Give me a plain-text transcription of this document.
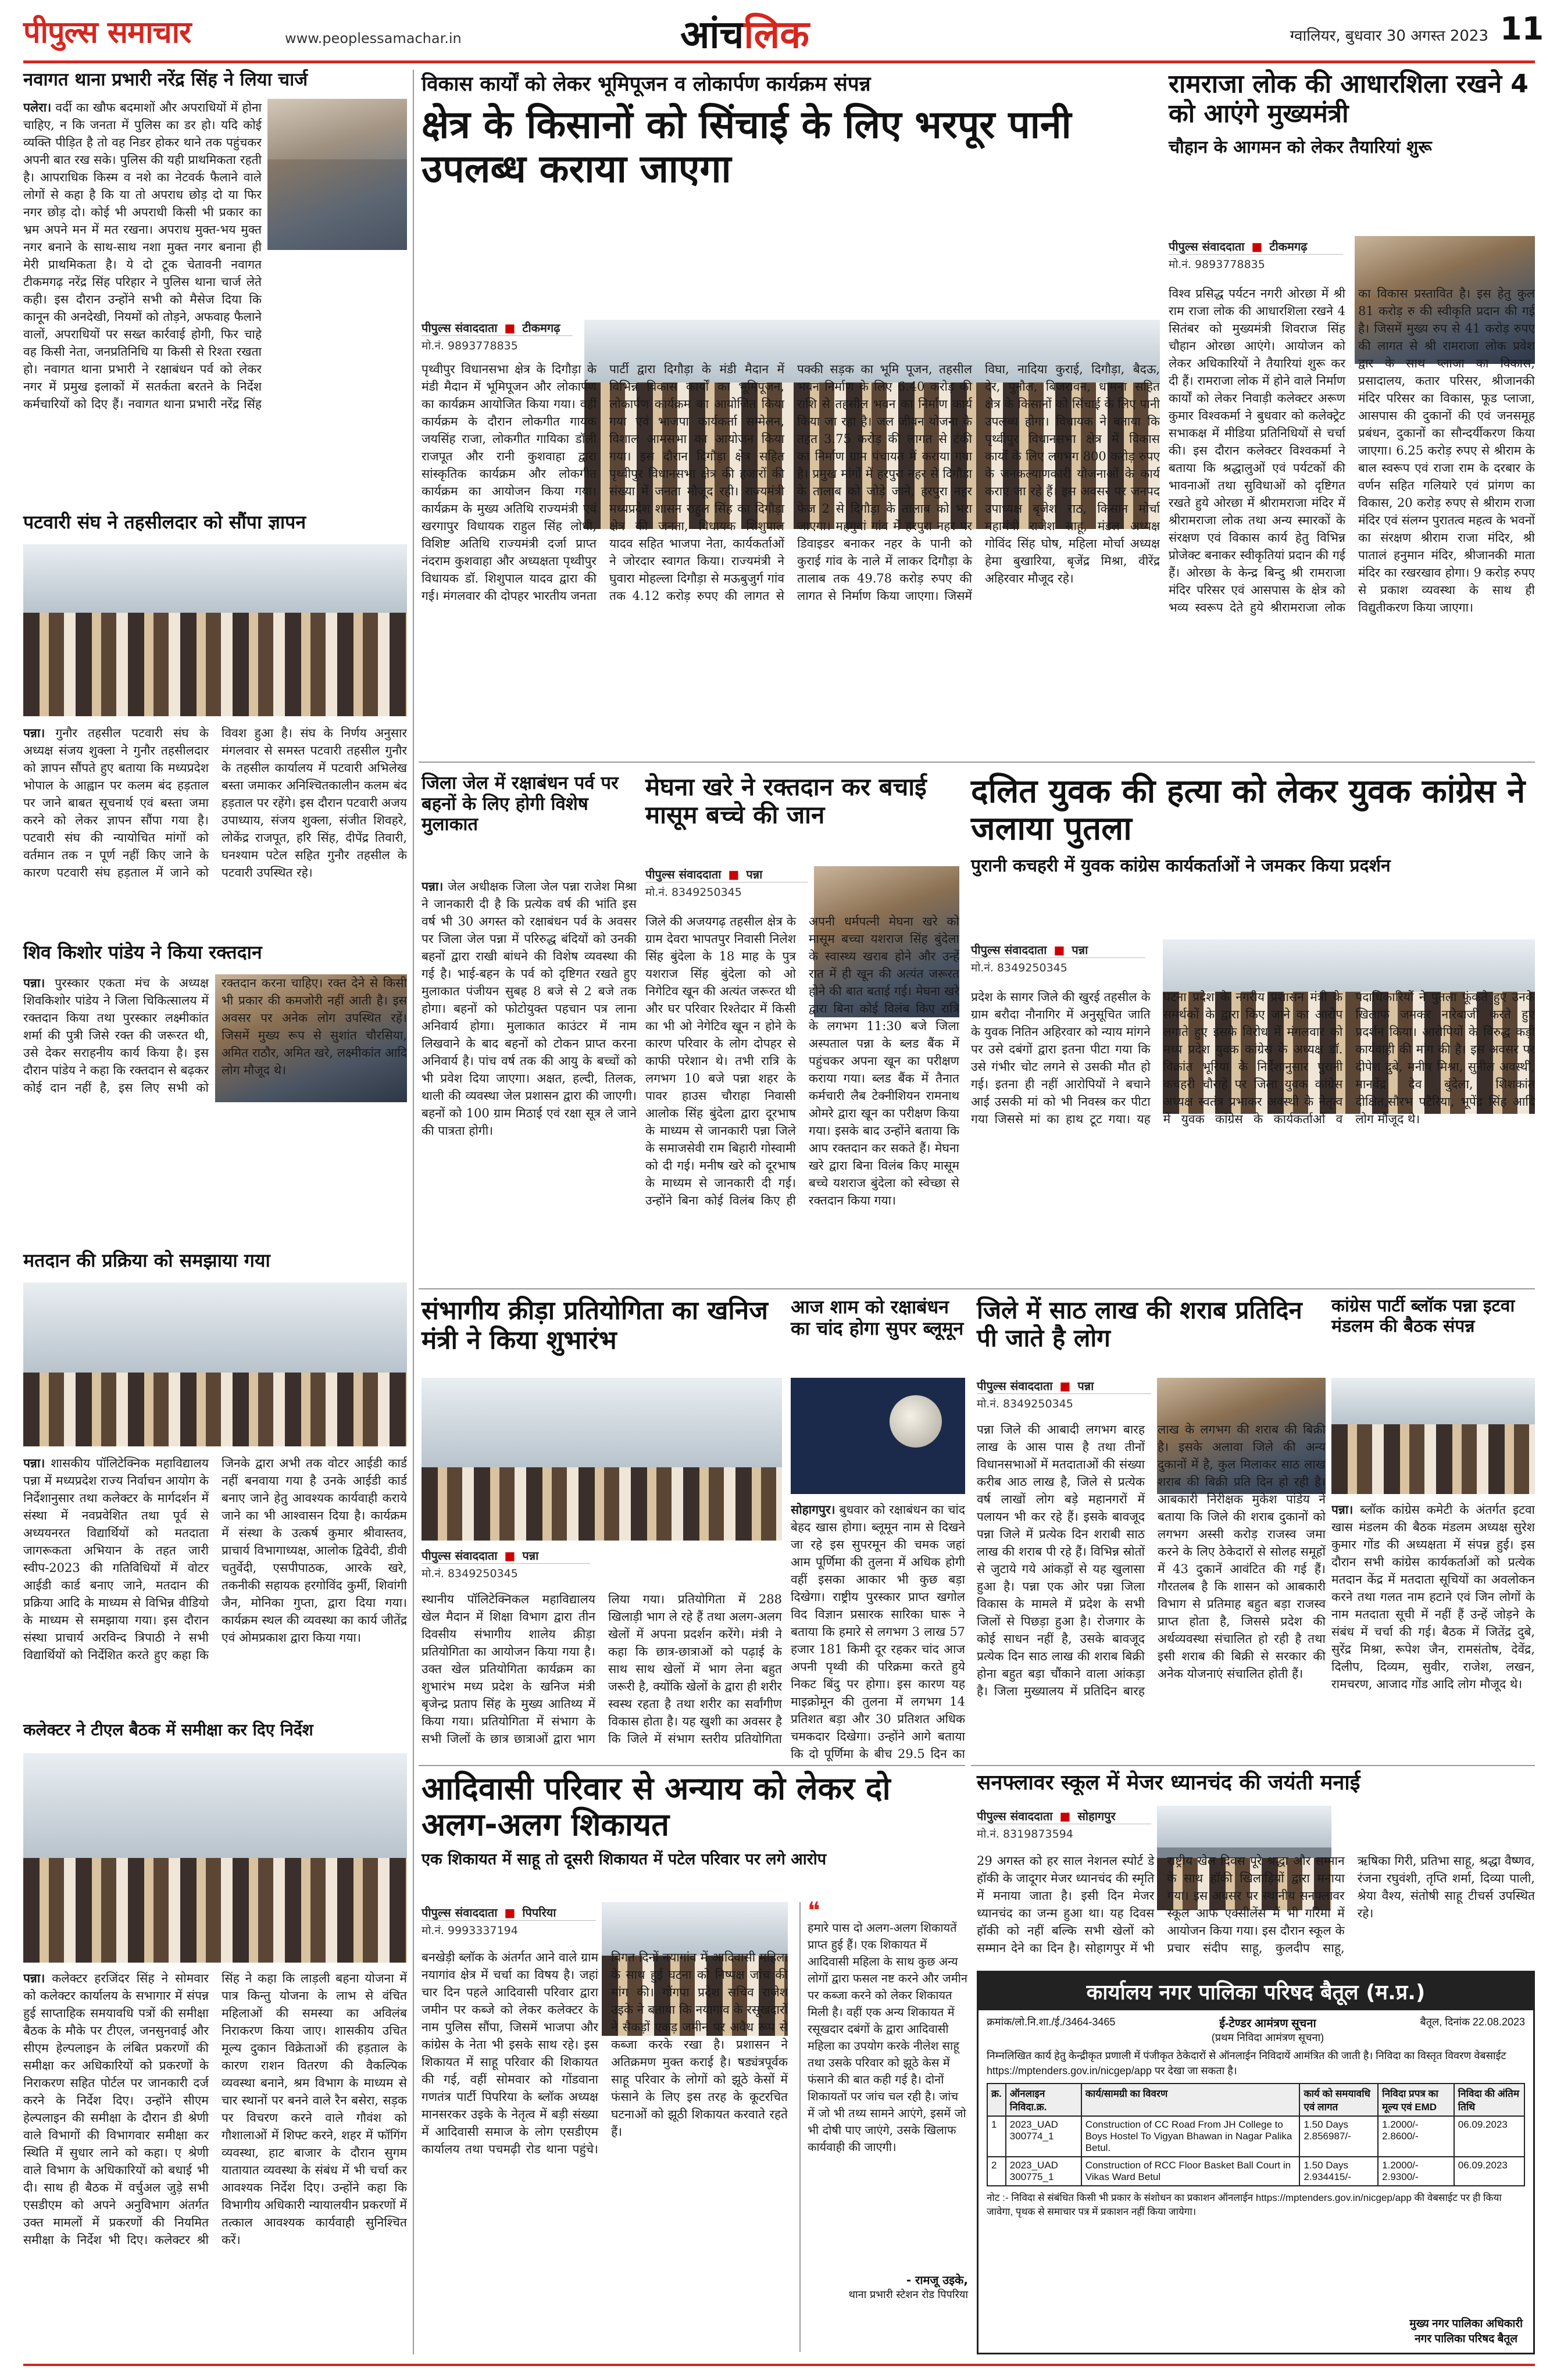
पीपुल्स समाचार	www.peoplessamachar.in	आंचलिक	ग्वालियर, बुधवार 30 अगस्त 2023 11
नवागत थाना प्रभारी नरेंद्र सिंह ने लिया चार्ज

पलेरा। वर्दी का खौफ बदमाशों और अपराधियों में होना चाहिए, न कि जनता में पुलिस का डर हो। यदि कोई व्यक्ति पीड़ित है तो वह निडर होकर थाने तक पहुंचकर अपनी बात रख सके। पुलिस की यही प्राथमिकता रहती है। आपराधिक किस्म व नशे का नेटवर्क फैलाने वाले लोगों से कहा है कि या तो अपराध छोड़ दो या फिर नगर छोड़ दो। कोई भी अपराधी किसी भी प्रकार का भ्रम अपने मन में मत रखना। अपराध मुक्त-भय मुक्त नगर बनाने के साथ-साथ नशा मुक्त नगर बनाना ही मेरी प्राथमिकता है। ये दो टूक चेतावनी नवागत टीकमगढ़ नरेंद्र सिंह परिहार ने पुलिस थाना चार्ज लेते कही। इस दौरान उन्होंने सभी को मैसेज दिया कि कानून की अनदेखी, नियमों को तोड़ने, अफवाह फैलाने वालों, अपराधियों पर सख्त कार्रवाई होगी, फिर चाहे वह किसी नेता, जनप्रतिनिधि या किसी से रिश्ता रखता हो। नवागत थाना प्रभारी ने रक्षाबंधन पर्व को लेकर नगर में प्रमुख इलाकों में सतर्कता बरतने के निर्देश कर्मचारियों को दिए हैं। नवागत थाना प्रभारी नरेंद्र सिंह

पटवारी संघ ने तहसीलदार को सौंपा ज्ञापन

पन्ना। गुनौर तहसील पटवारी संघ के अध्यक्ष संजय शुक्ला ने गुनौर तहसीलदार को ज्ञापन सौंपते हुए बताया कि मध्यप्रदेश भोपाल के आह्वान पर कलम बंद हड़ताल पर जाने बाबत सूचनार्थ एवं बस्ता जमा करने को लेकर ज्ञापन सौंपा गया है। पटवारी संघ की न्यायोचित मांगों को वर्तमान तक न पूर्ण नहीं किए जाने के कारण पटवारी संघ हड़ताल में जाने को विवश हुआ है। संघ के निर्णय अनुसार मंगलवार से समस्त पटवारी तहसील गुनौर के तहसील कार्यालय में पटवारी अभिलेख बस्ता जमाकर अनिश्चितकालीन कलम बंद हड़ताल पर रहेंगे। इस दौरान पटवारी अजय उपाध्याय, संजय शुक्ला, संजीत शिवहरे, लोकेंद्र राजपूत, हरि सिंह, दीपेंद्र तिवारी, घनश्याम पटेल सहित गुनौर तहसील के पटवारी उपस्थित रहे।

शिव किशोर पांडेय ने किया रक्तदान

पन्ना। पुरस्कार एकता मंच के अध्यक्ष शिवकिशोर पांडेय ने जिला चिकित्सालय में रक्तदान किया तथा पुरस्कार लक्ष्मीकांत शर्मा की पुत्री जिसे रक्त की जरूरत थी, उसे देकर सराहनीय कार्य किया है। इस दौरान पांडेय ने कहा कि रक्तदान से बढ़कर कोई दान नहीं है, इस लिए सभी को रक्तदान करना चाहिए। रक्त देने से किसी भी प्रकार की कमजोरी नहीं आती है। इस अवसर पर अनेक लोग उपस्थित रहें। जिसमें मुख्य रूप से सुशांत चौरसिया, अमित राठौर, अमित खरे, लक्ष्मीकांत आदि लोग मौजूद थे।

मतदान की प्रक्रिया को समझाया गया

पन्ना। शासकीय पॉलिटेक्निक महाविद्यालय पन्ना में मध्यप्रदेश राज्य निर्वाचन आयोग के निर्देशानुसार तथा कलेक्टर के मार्गदर्शन में संस्था में नवप्रवेशित तथा पूर्व से अध्ययनरत विद्यार्थियों को मतदाता जागरूकता अभियान के तहत जारी स्वीप-2023 की गतिविधियों में वोटर आईडी कार्ड बनाए जाने, मतदान की प्रक्रिया आदि के माध्यम से विभिन्न वीडियो के माध्यम से समझाया गया। इस दौरान संस्था प्राचार्य अरविन्द त्रिपाठी ने सभी विद्यार्थियों को निर्देशित करते हुए कहा कि जिनके द्वारा अभी तक वोटर आईडी कार्ड नहीं बनवाया गया है उनके आईडी कार्ड बनाए जाने हेतु आवश्यक कार्यवाही कराये जाने का भी आश्वासन दिया है। कार्यक्रम में संस्था के उत्कर्ष कुमार श्रीवास्तव, प्राचार्य विभागाध्यक्ष, आलोक द्विवेदी, डीवी चतुर्वेदी, एसपीपाठक, आरके खरे, तकनीकी सहायक हरगोविंद कुर्मी, शिवांगी जैन, मोनिका गुप्ता, द्वारा दिया गया। कार्यक्रम स्थल की व्यवस्था का कार्य जीतेंद्र एवं ओमप्रकाश द्वारा किया गया।

कलेक्टर ने टीएल बैठक में समीक्षा कर दिए निर्देश

पन्ना। कलेक्टर हरजिंदर सिंह ने सोमवार को कलेक्टर कार्यालय के सभागार में संपन्न हुई साप्ताहिक समयावधि पत्रों की समीक्षा बैठक के मौके पर टीएल, जनसुनवाई और सीएम हेल्पलाइन के लंबित प्रकरणों की समीक्षा कर अधिकारियों को प्रकरणों के निराकरण सहित पोर्टल पर जानकारी दर्ज करने के निर्देश दिए। उन्होंने सीएम हेल्पलाइन की समीक्षा के दौरान डी श्रेणी वाले विभागों की विभागवार समीक्षा कर स्थिति में सुधार लाने को कहा। ए श्रेणी वाले विभाग के अधिकारियों को बधाई भी दी। साथ ही बैठक में वर्चुअल जुड़े सभी एसडीएम को अपने अनुविभाग अंतर्गत उक्त मामलों में प्रकरणों की नियमित समीक्षा के निर्देश भी दिए। कलेक्टर श्री सिंह ने कहा कि लाड़ली बहना योजना में पात्र किन्तु योजना के लाभ से वंचित महिलाओं की समस्या का अविलंब निराकरण किया जाए। शासकीय उचित मूल्य दुकान विक्रेताओं की हड़ताल के कारण राशन वितरण की वैकल्पिक व्यवस्था बनाने, श्रम विभाग के माध्यम से चार स्थानों पर बनने वाले रैन बसेरा, सड़क पर विचरण करने वाले गौवंश को गौशालाओं में शिफ्ट करने, शहर में फॉगिंग व्यवस्था, हाट बाजार के दौरान सुगम यातायात व्यवस्था के संबंध में भी चर्चा कर आवश्यक निर्देश दिए। उन्होंने कहा कि विभागीय अधिकारी न्यायालयीन प्रकरणों में तत्काल आवश्यक कार्यवाही सुनिश्चित करें।

विकास कार्यों को लेकर भूमिपूजन व लोकार्पण कार्यक्रम संपन्न
क्षेत्र के किसानों को सिंचाई के लिए भरपूर पानी उपलब्ध कराया जाएगा
पीपुल्स संवाददाता ■ टीकमगढ़
मो.नं. 9893778835

पृथ्वीपुर विधानसभा क्षेत्र के दिगौड़ा के मंडी मैदान में भूमिपूजन और लोकार्पण का कार्यक्रम आयोजित किया गया। वहीं कार्यक्रम के दौरान लोकगीत गायक जयसिंह राजा, लोकगीत गायिका डॉली राजपूत और रानी कुशवाहा द्वारा सांस्कृतिक कार्यक्रम और लोकगीत कार्यक्रम का आयोजन किया गया। कार्यक्रम के मुख्य अतिथि राज्यमंत्री एवं खरगापुर विधायक राहुल सिंह लोधी, विशिष्ट अतिथि राज्यमंत्री दर्जा प्राप्त नंदराम कुशवाहा और अध्यक्षता पृथ्वीपुर विधायक डॉ. शिशुपाल यादव द्वारा की गई। मंगलवार की दोपहर भारतीय जनता पार्टी द्वारा दिगौड़ा के मंडी मैदान में विभिन्न विकास कार्यों का भूमिपूजन, लोकार्पण कार्यक्रम का आयोजित किया गया एवं भाजपा कार्यकर्ता सम्मेलन, विशाल आमसभा का आयोजन किया गया। इस दौरान दिगौड़ा क्षेत्र सहित पृथ्वीपुर विधानसभा क्षेत्र की हजारों की संख्या में जनता मौजूद रही। राज्यमंत्री मध्यप्रदेश शासन राहुल सिंह का दिगौड़ा क्षेत्र की जनता, विधायक शिशुपाल यादव सहित भाजपा नेता, कार्यकर्ताओं ने जोरदार स्वागत किया। राज्यमंत्री ने घुवारा मोहल्ला दिगौड़ा से मऊबुजुर्ग गांव तक 4.12 करोड़ रुपए की लागत से पक्की सड़क का भूमि पूजन, तहसील भवन निर्माण के लिए 6.40 करोड़ की राशि से तहसील भवन का निर्माण कार्य किया जा रहा है। जल जीवन योजना के तहत 3.75 करोड़ की लागत से टंकी का निर्माण ग्राम पंचायत में कराया गया है। प्रमुख मांगों में हरपुरा नहर से दिगौड़ा के तालाब को जोड़े जाने, हरपुरा नहर फेज 2 से दिगौड़ा के तालाब को भरा जाएगा। महगुवां गांव में हरपुरा नहर पर डिवाइडर बनाकर नहर के पानी को कुराई गांव के नाले में लाकर दिगौड़ा के तालाब तक 49.78 करोड़ रुपए की लागत से निर्माण किया जाएगा। जिसमें विघा, नादिया कुराई, दिगौड़ा, बैदऊ, देर, पुनौल, बिजरावन, धामना सहित क्षेत्र के किसानों को सिंचाई के लिए पानी उपलब्ध होगा। विधायक ने बताया कि पृथ्वीपुर विधानसभा क्षेत्र में विकास कार्यों के लिए लगभग 800 करोड़ रुपए के जनकल्याणकारी योजनाओं के कार्य कराए जा रहे हैं। इस अवसर पर जनपद उपाध्यक्ष बृजेश राठ, किसान मोर्चा महामंत्री राजेश साहू, मंडल अध्यक्ष गोविंद सिंह घोष, महिला मोर्चा अध्यक्ष हेमा बुखारिया, बृजेंद्र मिश्रा, वीरेंद्र अहिरवार मौजूद रहे।

रामराजा लोक की आधारशिला रखने 4 को आएंगे मुख्यमंत्री
चौहान के आगमन को लेकर तैयारियां शुरू
पीपुल्स संवाददाता ■ टीकमगढ़
मो.नं. 9893778835

विश्व प्रसिद्ध पर्यटन नगरी ओरछा में श्री राम राजा लोक की आधारशिला रखने 4 सितंबर को मुख्यमंत्री शिवराज सिंह चौहान ओरछा आएंगे। आयोजन को लेकर अधिकारियों ने तैयारियां शुरू कर दी हैं। रामराजा लोक में होने वाले निर्माण कार्यों को लेकर निवाड़ी कलेक्टर अरूण कुमार विश्वकर्मा ने बुधवार को कलेक्ट्रेट सभाकक्ष में मीडिया प्रतिनिधियों से चर्चा की। इस दौरान कलेक्टर विश्वकर्मा ने बताया कि श्रद्धालुओं एवं पर्यटकों की भावनाओं तथा सुविधाओं को दृष्टिगत रखते हुये ओरछा में श्रीरामराजा मंदिर में श्रीरामराजा लोक तथा अन्य स्मारकों के संरक्षण एवं विकास कार्य हेतु विभिन्न प्रोजेक्ट बनाकर स्वीकृतियां प्रदान की गई हैं। ओरछा के केन्द्र बिन्दु श्री रामराजा मंदिर परिसर एवं आसपास के क्षेत्र को भव्य स्वरूप देते हुये श्रीरामराजा लोक का विकास प्रस्तावित है। इस हेतु कुल 81 करोड़ रु की स्वीकृति प्रदान की गई है। जिसमें मुख्य रुप से 41 करोड़ रुपए की लागत से श्री रामराजा लोक प्रवेश द्वार के साथ प्लाजा का विकास, प्रसादालय, कतार परिसर, श्रीजानकी मंदिर परिसर का विकास, फूड प्लाजा, आसपास की दुकानों की एवं जनसमूह प्रबंधन, दुकानों का सौन्दर्यीकरण किया जाएगा। 6.25 करोड़ रुपए से श्रीराम के बाल स्वरूप एवं राजा राम के दरबार के वर्णन सहित गलियारे एवं प्रांगण का विकास, 20 करोड़ रुपए से श्रीराम राजा मंदिर एवं संलग्न पुरातत्व महत्व के भवनों का संरक्षण श्रीराम राजा मंदिर, श्री पातालं हनुमान मंदिर, श्रीजानकी माता मंदिर का रखरखाव होगा। 9 करोड़ रुपए से प्रकाश व्यवस्था के साथ ही विद्युतीकरण किया जाएगा।

जिला जेल में रक्षाबंधन पर्व पर बहनों के लिए होगी विशेष मुलाकात

पन्ना। जेल अधीक्षक जिला जेल पन्ना राजेश मिश्रा ने जानकारी दी है कि प्रत्येक वर्ष की भांति इस वर्ष भी 30 अगस्त को रक्षाबंधन पर्व के अवसर पर जिला जेल पन्ना में परिरुद्ध बंदियों को उनकी बहनों द्वारा राखी बांधने की विशेष व्यवस्था की गई है। भाई-बहन के पर्व को दृष्टिगत रखते हुए मुलाकात पंजीयन सुबह 8 बजे से 2 बजे तक होगा। बहनों को फोटोयुक्त पहचान पत्र लाना अनिवार्य होगा। मुलाकात काउंटर में नाम लिखवाने के बाद बहनों को टोकन प्राप्त करना अनिवार्य है। पांच वर्ष तक की आयु के बच्चों को भी प्रवेश दिया जाएगा। अक्षत, हल्दी, तिलक, थाली की व्यवस्था जेल प्रशासन द्वारा की जाएगी। बहनों को 100 ग्राम मिठाई एवं रक्षा सूत्र ले जाने की पात्रता होगी।

मेघना खरे ने रक्तदान कर बचाई मासूम बच्चे की जान
पीपुल्स संवाददाता ■ पन्ना
मो.नं. 8349250345

जिले की अजयगढ़ तहसील क्षेत्र के ग्राम देवरा भापतपुर निवासी निलेश सिंह बुंदेला के 18 माह के पुत्र यशराज सिंह बुंदेला को ओ निगेटिव खून की अत्यंत जरूरत थी और घर परिवार रिश्तेदार में किसी का भी ओ नेगेटिव खून न होने के कारण परिवार के लोग दोपहर से काफी परेशान थे। तभी रात्रि के लगभग 10 बजे पन्ना शहर के पावर हाउस चौराहा निवासी आलोक सिंह बुंदेला द्वारा दूरभाष के माध्यम से जानकारी पन्ना जिले के समाजसेवी राम बिहारी गोस्वामी को दी गई। मनीष खरे को दूरभाष के माध्यम से जानकारी दी गई। उन्होंने बिना कोई विलंब किए ही अपनी धर्मपत्नी मेघना खरे को मासूम बच्चा यशराज सिंह बुंदेला के स्वास्थ्य खराब होने और उन्हें रात में ही खून की अत्यंत जरूरत होने की बात बताई गई। मेघना खरे द्वारा बिना कोई विलंब किए रात्रि के लगभग 11:30 बजे जिला अस्पताल पन्ना के ब्लड बैंक में पहुंचकर अपना खून का परीक्षण कराया गया। ब्लड बैंक में तैनात कर्मचारी लैब टेक्नीशियन रामनाथ ओमरे द्वारा खून का परीक्षण किया गया। इसके बाद उन्होंने बताया कि आप रक्तदान कर सकते हैं। मेघना खरे द्वारा बिना विलंब किए मासूम बच्चे यशराज बुंदेला को स्वेच्छा से रक्तदान किया गया।

दलित युवक की हत्या को लेकर युवक कांग्रेस ने जलाया पुतला
पुरानी कचहरी में युवक कांग्रेस कार्यकर्ताओं ने जमकर किया प्रदर्शन
पीपुल्स संवाददाता ■ पन्ना
मो.नं. 8349250345

प्रदेश के सागर जिले की खुरई तहसील के ग्राम बरौदा नौनागिर में अनुसूचित जाति के युवक नितिन अहिरवार को न्याय मांगने पर उसे दबंगों द्वारा इतना पीटा गया कि उसे गंभीर चोट लगने से उसकी मौत हो गई। इतना ही नहीं आरोपियों ने बचाने आई उसकी मां को भी निवस्त्र कर पीटा गया जिससे मां का हाथ टूट गया। यह घटना प्रदेश के नगरीय प्रशासन मंत्री के समर्थकों के द्वारा किए जाने का आरोप लगाते हुए इसके विरोध में मंगलवार को मध्य प्रदेश युवक कांग्रेस के अध्यक्ष डॉ. विक्रांत भूरिया के निर्देशानुसार पुरानी कचहरी चौराहे पर जिला युवक कांग्रेस अध्यक्ष स्वतंत्र प्रभाकर अवस्थी के नेतृत्व में युवक कांग्रेस के कार्यकर्ताओं व पदाधिकारियों ने पुतला फूंकते हुए उनके खिलाफ जमकर नारेबाजी करते हुए प्रदर्शन किया। आरोपियों के विरुद्ध कड़ी कार्यवाही की मांग की है। इस अवसर पर दीपेश दुबे, मनीष मिश्रा, सुनील अवस्थी, मानवेंद्र देव बुंदेला, शिशकांत दीक्षित,सौरभ पटैरिया, भूपेंद्र सिंह आदि लोग मौजूद थे।

संभागीय क्रीड़ा प्रतियोगिता का खनिज मंत्री ने किया शुभारंभ
पीपुल्स संवाददाता ■ पन्ना
मो.नं. 8349250345

स्थानीय पॉलिटेक्निकल महाविद्यालय खेल मैदान में शिक्षा विभाग द्वारा तीन दिवसीय संभागीय शालेय क्रीड़ा प्रतियोगिता का आयोजन किया गया है। उक्त खेल प्रतियोगिता कार्यक्रम का शुभारंभ मध्य प्रदेश के खनिज मंत्री बृजेन्द्र प्रताप सिंह के मुख्य आतिथ्य में किया गया। प्रतियोगिता में संभाग के सभी जिलों के छात्र छात्राओं द्वारा भाग लिया गया। प्रतियोगिता में 288 खिलाड़ी भाग ले रहे हैं तथा अलग-अलग खेलों में अपना प्रदर्शन करेंगे। मंत्री ने कहा कि छात्र-छात्राओं को पढ़ाई के साथ साथ खेलों में भाग लेना बहुत जरूरी है, क्योंकि खेलों के द्वारा ही शरीर स्वस्थ रहता है तथा शरीर का सर्वांगीण विकास होता है। यह खुशी का अवसर है कि जिले में संभाग स्तरीय प्रतियोगिता

आज शाम को रक्षाबंधन का चांद होगा सुपर ब्लूमून

सोहागपुर। बुधवार को रक्षाबंधन का चांद बेहद खास होगा। ब्लूमून नाम से दिखने जा रहे इस सुपरमून की चमक जहां आम पूर्णिमा की तुलना में अधिक होगी वहीं इसका आकार भी कुछ बड़ा दिखेगा। राष्ट्रीय पुरस्कार प्राप्त खगोल विद विज्ञान प्रसारक सारिका घारू ने बताया कि हमारे से लगभग 3 लाख 57 हजार 181 किमी दूर रहकर चांद आज अपनी पृथ्वी की परिक्रमा करते हुये निकट बिंदु पर होगा। इस कारण यह माइक्रोमून की तुलना में लगभग 14 प्रतिशत बड़ा और 30 प्रतिशत अधिक चमकदार दिखेगा। उन्होंने आगे बताया कि दो पूर्णिमा के बीच 29.5 दिन का

जिले में साठ लाख की शराब प्रतिदिन पी जाते है लोग
पीपुल्स संवाददाता ■ पन्ना
मो.नं. 8349250345

पन्ना जिले की आबादी लगभग बारह लाख के आस पास है तथा तीनों विधानसभाओं में मतदाताओं की संख्या करीब आठ लाख है, जिले से प्रत्येक वर्ष लाखों लोग बड़े महानगरों में पलायन भी कर रहे हैं। इसके बावजूद पन्ना जिले में प्रत्येक दिन शराबी साठ लाख की शराब पी रहे हैं। विभिन्न स्रोतों से जुटाये गये आंकड़ों से यह खुलासा हुआ है। पन्ना एक ओर पन्ना जिला विकास के मामले में प्रदेश के सभी जिलों से पिछड़ा हुआ है। रोजगार के कोई साधन नहीं है, उसके बावजूद प्रत्येक दिन साठ लाख की शराब बिक्री होना बहुत बड़ा चौंकाने वाला आंकड़ा है। जिला मुख्यालय में प्रतिदिन बारह लाख के लगभग की शराब की बिक्री है। इसके अलावा जिले की अन्य दुकानों में है, कुल मिलाकर साठ लाख शराब की बिक्री प्रति दिन हो रही है। आबकारी निरीक्षक मुकेश पांडेय ने बताया कि जिले की शराब दुकानों को लगभग अस्सी करोड़ राजस्व जमा करने के लिए ठेकेदारों से सोलह समूहों में 43 दुकानें आवंटित की गई हैं। गौरतलब है कि शासन को आबकारी विभाग से प्रतिमाह बहुत बड़ा राजस्व प्राप्त होता है, जिससे प्रदेश की अर्थव्यवस्था संचालित हो रही है तथा इसी शराब की बिक्री से सरकार की अनेक योजनाएं संचालित होती हैं।

कांग्रेस पार्टी ब्लॉक पन्ना इटवा मंडलम की बैठक संपन्न

पन्ना। ब्लॉक कांग्रेस कमेटी के अंतर्गत इटवा खास मंडलम की बैठक मंडलम अध्यक्ष सुरेश कुमार गोंड की अध्यक्षता में संपन्न हुई। इस दौरान सभी कांग्रेस कार्यकर्ताओं को प्रत्येक मतदान केंद्र में मतदाता सूचियों का अवलोकन करने तथा गलत नाम हटाने एवं जिन लोगों के नाम मतदाता सूची में नहीं हैं उन्हें जोड़ने के संबंध में चर्चा की गई। बैठक में जितेंद्र दुबे, सुरेंद्र मिश्रा, रूपेश जैन, रामसंतोष, देवेंद्र, दिलीप, दिव्यम, सुवीर, राजेश, लखन, रामचरण, आजाद गोंड आदि लोग मौजूद थे।

सनफ्लावर स्कूल में मेजर ध्यानचंद की जयंती मनाई
पीपुल्स संवाददाता ■ सोहागपुर
मो.नं. 8319873594

29 अगस्त को हर साल नेशनल स्पोर्ट डे हॉकी के जादूगर मेजर ध्यानचंद की स्मृति में मनाया जाता है। इसी दिन मेजर ध्यानचंद का जन्म हुआ था। यह दिवस हॉकी को नहीं बल्कि सभी खेलों को सम्मान देने का दिन है। सोहागपुर में भी राष्ट्रीय खेल दिवस पूरे श्रद्धा और सम्मान के साथ हॉकी खिलाड़ियों द्वारा मनाया गया। इस अवसर पर स्थानीय सनफ्लावर स्कूल आफ एक्सीलेंस में भी गरिमा में आयोजन किया गया। इस दौरान स्कूल के प्रचार संदीप साहू, कुलदीप साहू, ऋषिका गिरी, प्रतिभा साहू, श्रद्धा वैष्णव, रंजना रघुवंशी, तृप्ति शर्मा, दिव्या पाली, श्रेया वैश्य, संतोषी साहू टीचर्स उपस्थित रहे।

आदिवासी परिवार से अन्याय को लेकर दो अलग-अलग शिकायत
एक शिकायत में साहू तो दूसरी शिकायत में पटेल परिवार पर लगे आरोप
पीपुल्स संवाददाता ■ पिपरिया
मो.नं. 9993337194

बनखेड़ी ब्लॉक के अंतर्गत आने वाले ग्राम नयागांव क्षेत्र में चर्चा का विषय है। जहां चार दिन पहले आदिवासी परिवार द्वारा जमीन पर कब्जे को लेकर कलेक्टर के नाम पुलिस सौंपा, जिसमें भाजपा और कांग्रेस के नेता भी इसके साथ रहे। इस शिकायत में साहू परिवार की शिकायत की गई, वहीं सोमवार को गोंडवाना गणतंत्र पार्टी पिपरिया के ब्लॉक अध्यक्ष मानसरकर उइके के नेतृत्व में बड़ी संख्या में आदिवासी समाज के लोग एसडीएम कार्यालय तथा पचमढ़ी रोड थाना पहुंचे। विगत दिनों नयागांव में आदिवासी महिला के साथ हुई घटना को निष्पक्ष जांच की मांग की। गोंगपा प्रदेश सचिव राजेश उइके ने बताया कि नयागांव के रसूखदारों ने सैकड़ों एकड़ जमीन पर अवैध रूप से कब्जा करके रखा है। प्रशासन ने अतिक्रमण मुक्त कराई है। षड्यंत्रपूर्वक साहू परिवार के लोगों को झूठे केसों में फंसाने के लिए इस तरह के कूटरचित घटनाओं को झूठी शिकायत करवाते रहते हैं।

❝
हमारे पास दो अलग-अलग शिकायतें प्राप्त हुई हैं। एक शिकायत में आदिवासी महिला के साथ कुछ अन्य लोगों द्वारा फसल नष्ट करने और जमीन पर कब्जा करने को लेकर शिकायत मिली है। वहीं एक अन्य शिकायत में रसूखदार दबंगों के द्वारा आदिवासी महिला का उपयोग करके नीलेश साहू तथा उसके परिवार को झूठे केस में फंसाने की बात कही गई है। दोनों शिकायतों पर जांच चल रही है। जांच में जो भी तथ्य सामने आएंगे, इसमें जो भी दोषी पाए जाएंगे, उसके खिलाफ कार्यवाही की जाएगी।
- रामजू उइके,
थाना प्रभारी स्टेशन रोड पिपरिया
कार्यालय नगर पालिका परिषद बैतूल (म.प्र.)
क्रमांक/लो.नि.शा./ई./3464-3465	ई-टेण्डर आमंत्रण सूचना
(प्रथम निविदा आमंत्रण सूचना)
बैतूल, दिनांक 22.08.2023
निम्नलिखित कार्य हेतु केन्द्रीकृत प्रणाली में पंजीकृत ठेकेदारों से ऑनलाईन निविदायें आमंत्रित की जाती है। निविदा का विस्तृत विवरण वेबसाईट https://mptenders.gov.in/nicgep/app पर देखा जा सकता है।
क्र.	ऑनलाइन निविदा.क्र.	कार्य/सामग्री का विवरण	कार्य को समयावधि एवं लागत	निविदा प्रपत्र का मूल्य एवं EMD	निविदा की अंतिम तिथि
1	2023_UAD 300774_1	Construction of CC Road From JH College to Boys Hostel To Vigyan Bhawan in Nagar Palika Betul.	1.50 Days 2.856987/-	1.2000/- 2.8600/-	06.09.2023
2	2023_UAD 300775_1	Construction of RCC Floor Basket Ball Court in Vikas Ward Betul	1.50 Days 2.934415/-	1.2000/- 2.9300/-	06.09.2023
नोट :- निविदा से संबंधित किसी भी प्रकार के संशोधन का प्रकाशन ऑनलाईन https://mptenders.gov.in/nicgep/app की वेबसाईट पर ही किया जावेगा, पृथक से समाचार पत्र में प्रकाशन नहीं किया जायेगा।
मुख्य नगर पालिका अधिकारी
नगर पालिका परिषद बैतूल
